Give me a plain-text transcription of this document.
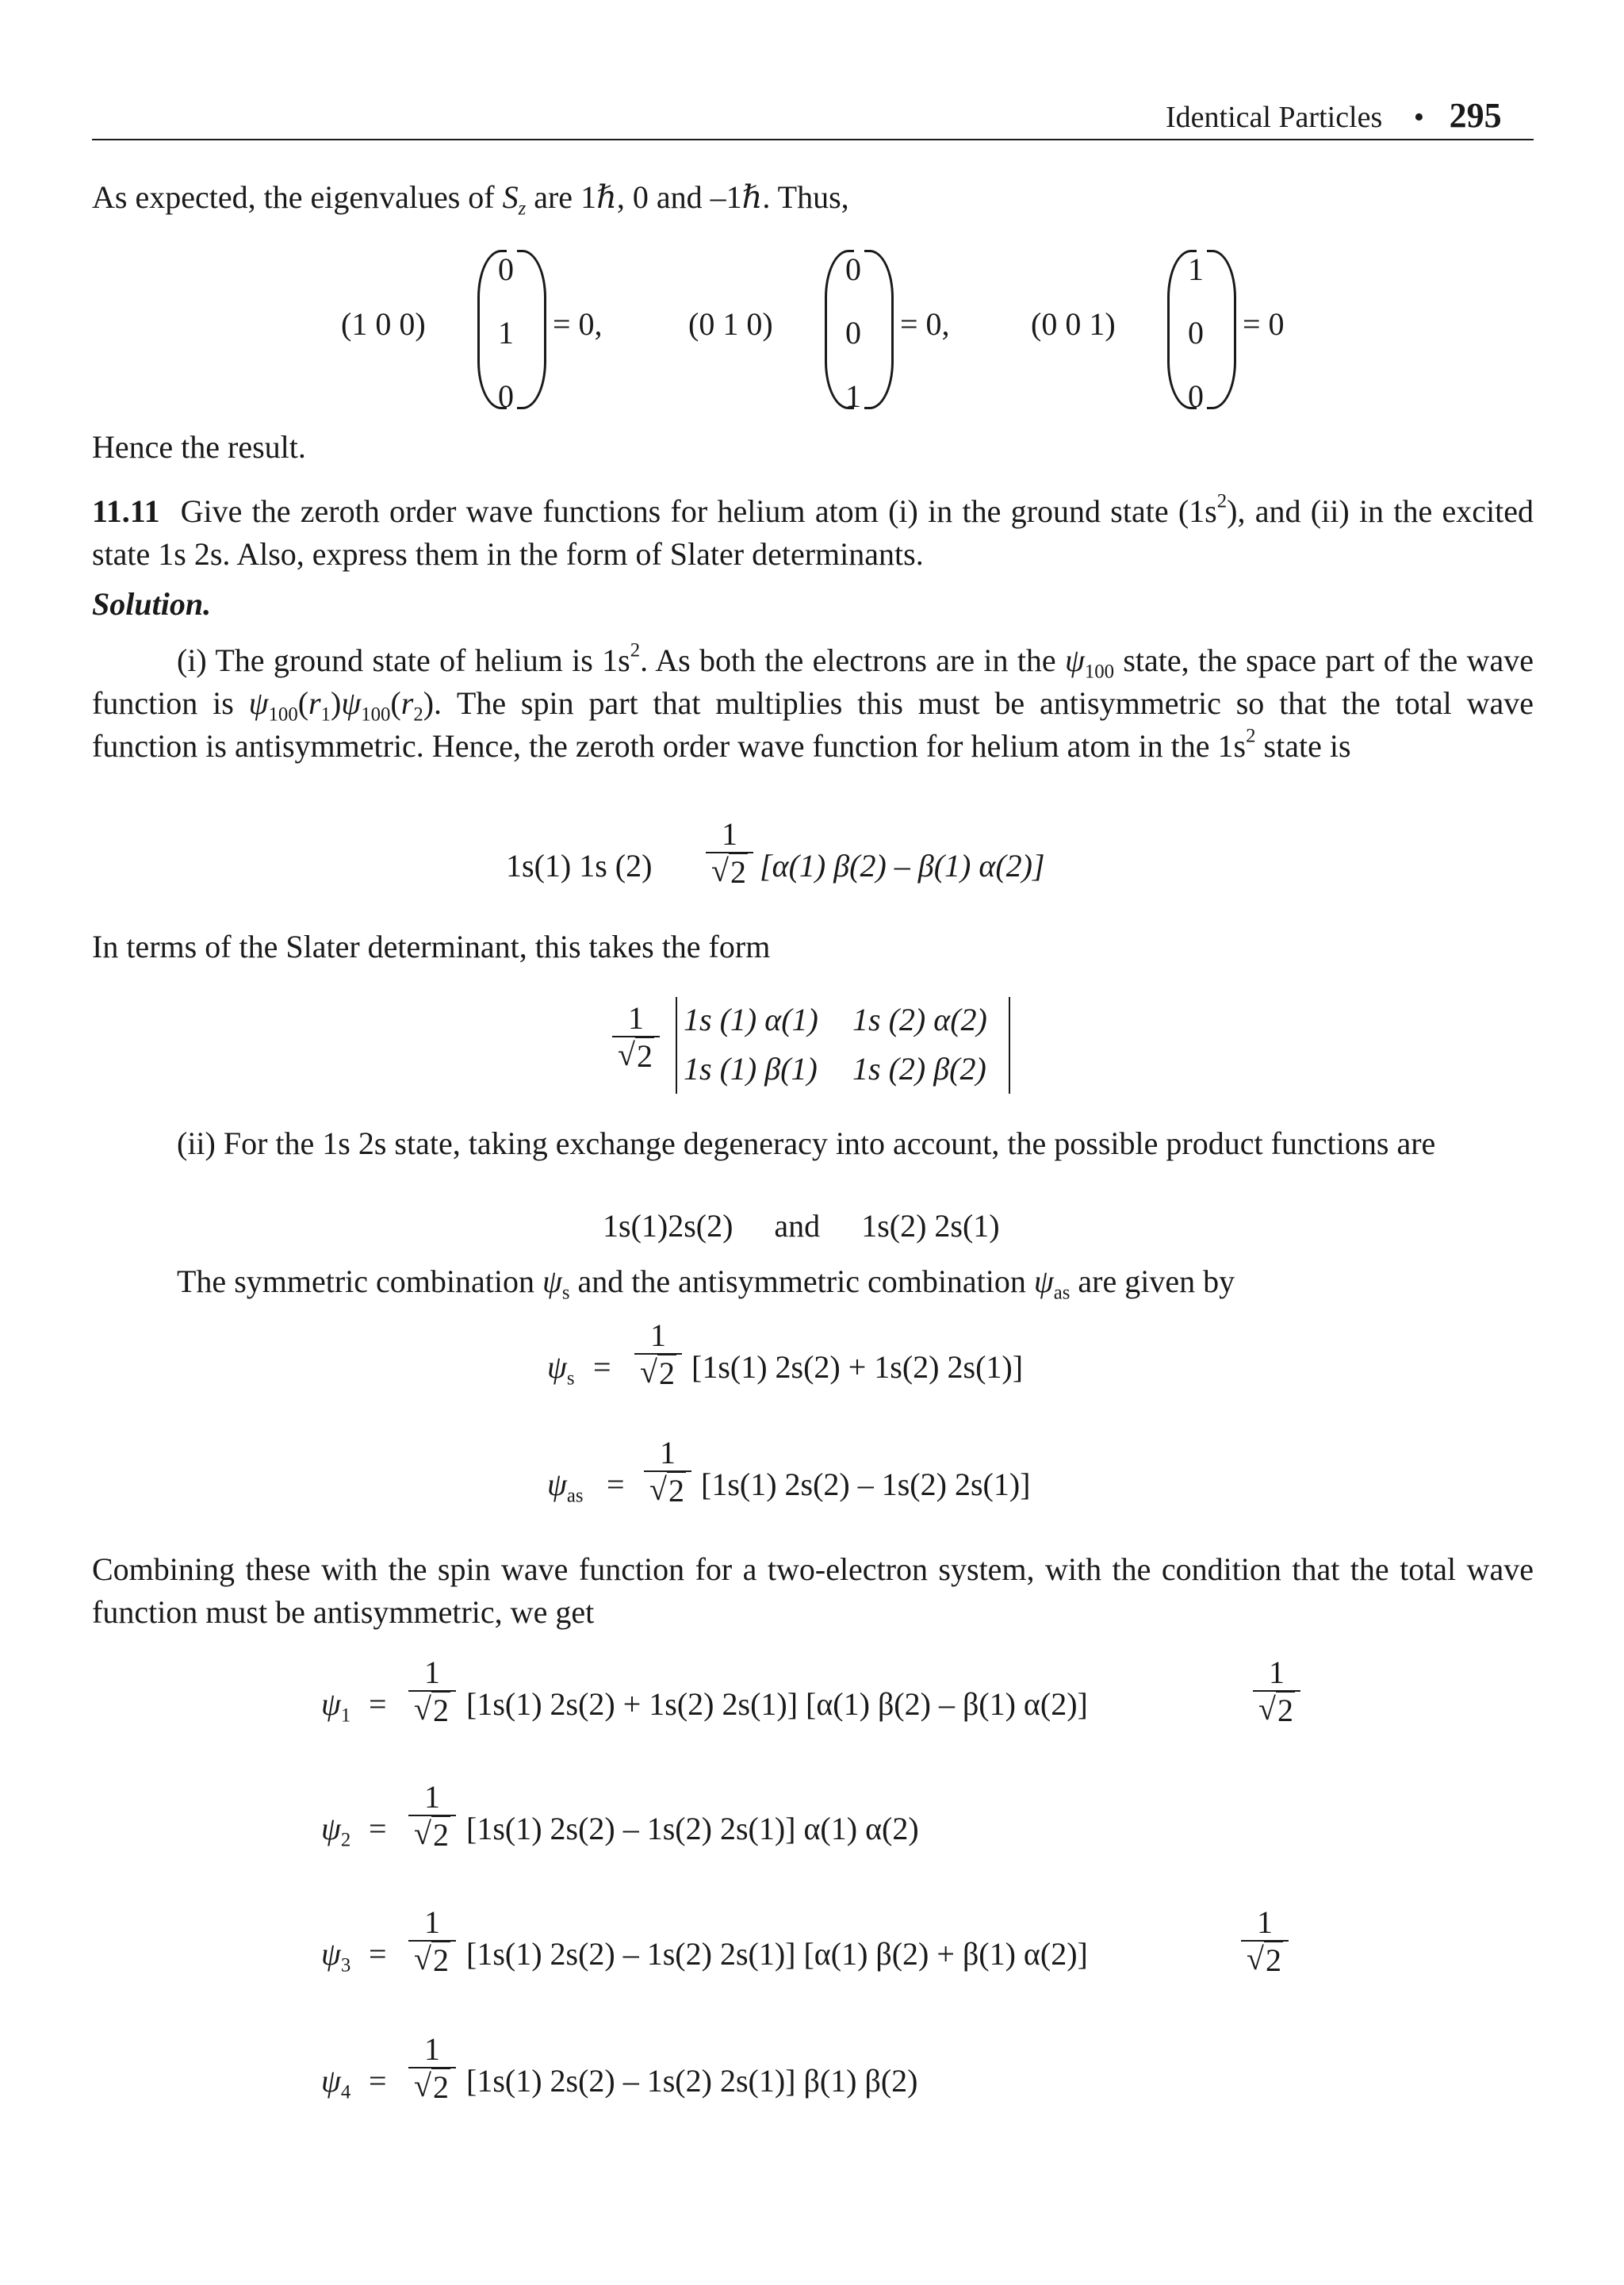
Identical Particles • 295
As expected, the eigenvalues of $S_z$ are 1ℏ, 0 and –1ℏ. Thus,
(1 0 0)
0
1
0
= 0,	(0 1 0)
0
0
1
= 0,	(0 0 1)
1
0
0
= 0
Hence the result.
11.11 Give the zeroth order wave functions for helium atom (i) in the ground state $(1s^2)$, and (ii) in the excited state 1s 2s. Also, express them in the form of Slater determinants.
Solution.
(i) The ground state of helium is $1s^2$. As both the electrons are in the $\psi_{100}$ state, the space part of the wave function is $\psi_{100}(r_1)\psi_{100}(r_2)$. The spin part that multiplies this must be antisymmetric so that the total wave function is antisymmetric. Hence, the zeroth order wave function for helium atom in the $1s^2$ state is
1s(1) 1s (2)
1
√ 2 [α(1) β(2) – β(1) α(2)]
In terms of the Slater determinant, this takes the form
1
√ 2
1s (1) α(1) 1s (2) α(2)
1s (1) β(1) 1s (2) β(2)
(ii) For the 1s 2s state, taking exchange degeneracy into account, the possible product functions are
1s(1)2s(2) and 1s(2) 2s(1)
The symmetric combination $\psi_s$ and the antisymmetric combination $\psi_{as}$ are given by
$\psi_s$ =
1
√ 2 [1s(1) 2s(2) + 1s(2) 2s(1)]
$\psi_{as}$ =
1
√ 2 [1s(1) 2s(2) – 1s(2) 2s(1)]
Combining these with the spin wave function for a two-electron system, with the condition that the total wave function must be antisymmetric, we get
$\psi_1$ =
1
√ 2 [1s(1) 2s(2) + 1s(2) 2s(1)] [α(1) β(2) – β(1) α(2)]
1
√ 2
$\psi_2$ =
1
√ 2 [1s(1) 2s(2) – 1s(2) 2s(1)] α(1) α(2)
$\psi_3$ =
1
√ 2 [1s(1) 2s(2) – 1s(2) 2s(1)] [α(1) β(2) + β(1) α(2)]
1
√ 2
$\psi_4$ =
1
√ 2 [1s(1) 2s(2) – 1s(2) 2s(1)] β(1) β(2)
